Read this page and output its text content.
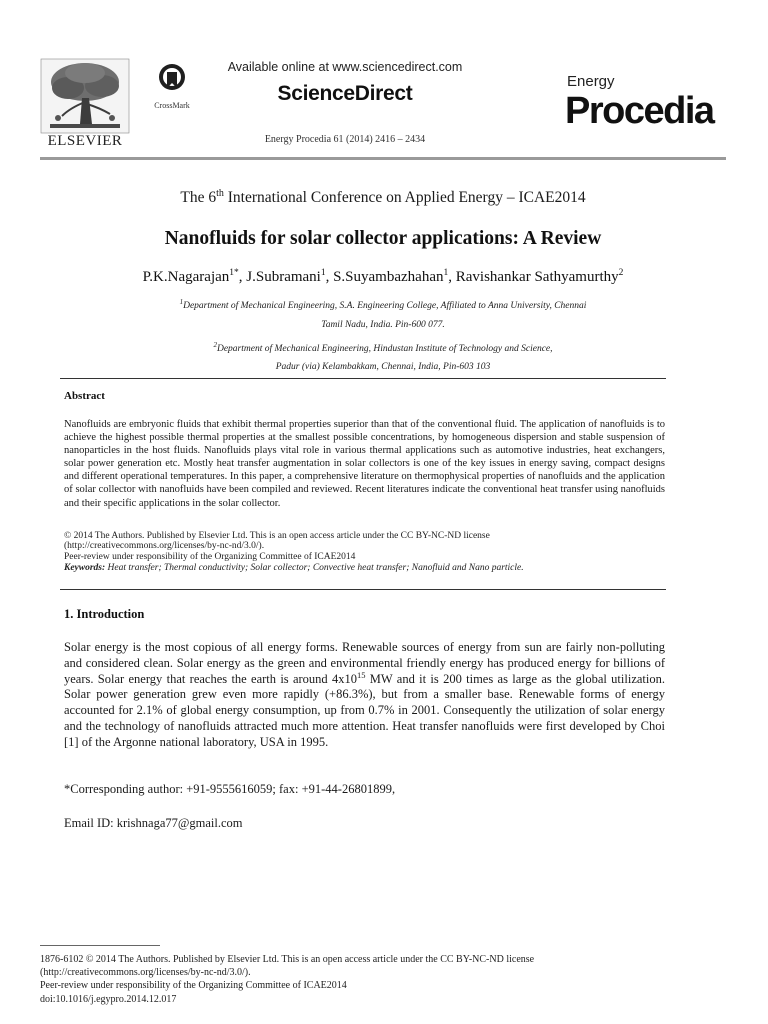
ELSEVIER
CrossMark
Available online at www.sciencedirect.com
ScienceDirect
Energy Procedia 61 (2014) 2416 – 2434
Energy
Procedia
The 6th International Conference on Applied Energy – ICAE2014
Nanofluids for solar collector applications: A Review
P.K.Nagarajan$^{1*}$, J.Subramani$^1$, S.Suyambazhahan$^1$, Ravishankar Sathyamurthy$^2$
$^1$Department of Mechanical Engineering, S.A. Engineering College, Affiliated to Anna University, Chennai
Tamil Nadu, India. Pin-600 077.
$^2$Department of Mechanical Engineering, Hindustan Institute of Technology and Science,
Padur (via) Kelambakkam, Chennai, India, Pin-603 103
Abstract
Nanofluids are embryonic fluids that exhibit thermal properties superior than that of the conventional fluid. The application of nanofluids is to achieve the highest possible thermal properties at the smallest possible concentrations, by homogeneous dispersion and stable suspension of nanoparticles in the host fluids. Nanofluids plays vital role in various thermal applications such as automotive industries, heat exchangers, solar power generation etc. Mostly heat transfer augmentation in solar collectors is one of the key issues in energy saving, compact designs and different operational temperatures. In this paper, a comprehensive literature on thermophysical properties of nanofluids and the application of solar collector with nanofluids have been compiled and reviewed. Recent literatures indicate the conventional heat transfer using nanofluids and their specific applications in the solar collector.
© 2014 The Authors. Published by Elsevier Ltd. This is an open access article under the CC BY-NC-ND license
(http://creativecommons.org/licenses/by-nc-nd/3.0/).
Peer-review under responsibility of the Organizing Committee of ICAE2014
Keywords: Heat transfer; Thermal conductivity; Solar collector; Convective heat transfer; Nanofluid and Nano particle.
1. Introduction
Solar energy is the most copious of all energy forms. Renewable sources of energy from sun are fairly non-polluting and considered clean. Solar energy as the green and environmental friendly energy has produced energy for billions of years. Solar energy that reaches the earth is around $4x10^{15}$ MW and it is 200 times as large as the global utilization. Solar power generation grew even more rapidly (+86.3%), but from a smaller base. Renewable forms of energy accounted for 2.1% of global energy consumption, up from 0.7% in 2001. Consequently the utilization of solar energy and the technology of nanofluids attracted much more attention. Heat transfer nanofluids were first developed by Choi [1] of the Argonne national laboratory, USA in 1995.
*Corresponding author: +91-9555616059; fax: +91-44-26801899,
Email ID: krishnaga77@gmail.com
1876-6102 © 2014 The Authors. Published by Elsevier Ltd. This is an open access article under the CC BY-NC-ND license
(http://creativecommons.org/licenses/by-nc-nd/3.0/).
Peer-review under responsibility of the Organizing Committee of ICAE2014
doi:10.1016/j.egypro.2014.12.017
